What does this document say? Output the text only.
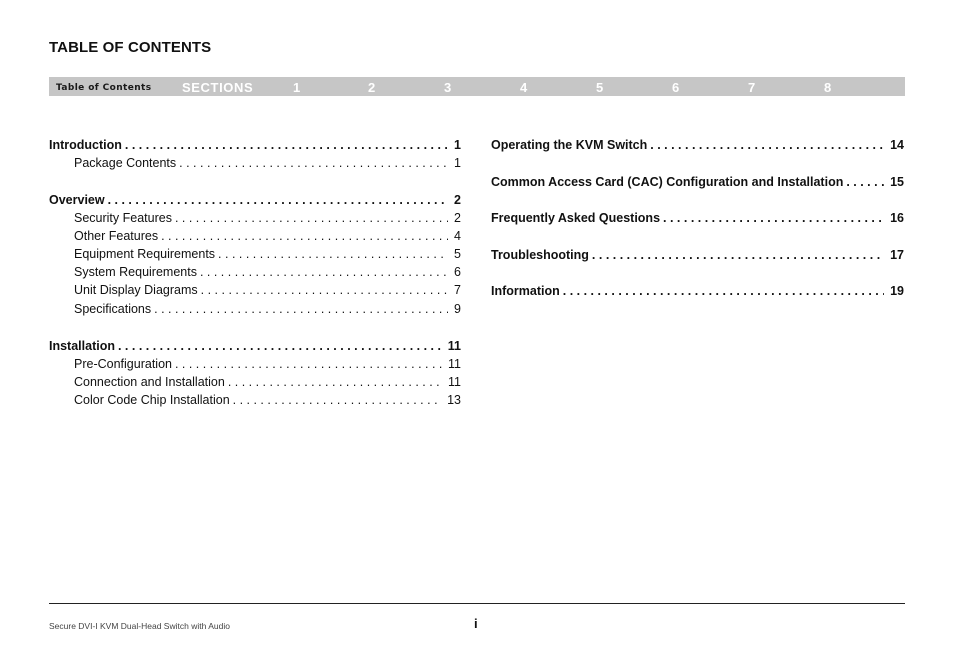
TABLE OF CONTENTS
Table of Contents SECTIONS	1	2	3	4	5	6	7	8
Introduction . . .	1
Package Contents . . .	1
Overview . . .	2
Security Features . . .	2
Other Features . . .	4
Equipment Requirements . . .	5
System Requirements . . .	6
Unit Display Diagrams . . .	7
Specifications . . .	9
Installation . . .	11
Pre-Configuration . . .	11
Connection and Installation . . .	11
Color Code Chip Installation . . .	13
Operating the KVM Switch . . .	14
Common Access Card (CAC) Configuration and Installation . . .	15
Frequently Asked Questions . . .	16
Troubleshooting . . .	17
Information . . .	19
Secure DVI-I KVM Dual-Head Switch with Audio	i
